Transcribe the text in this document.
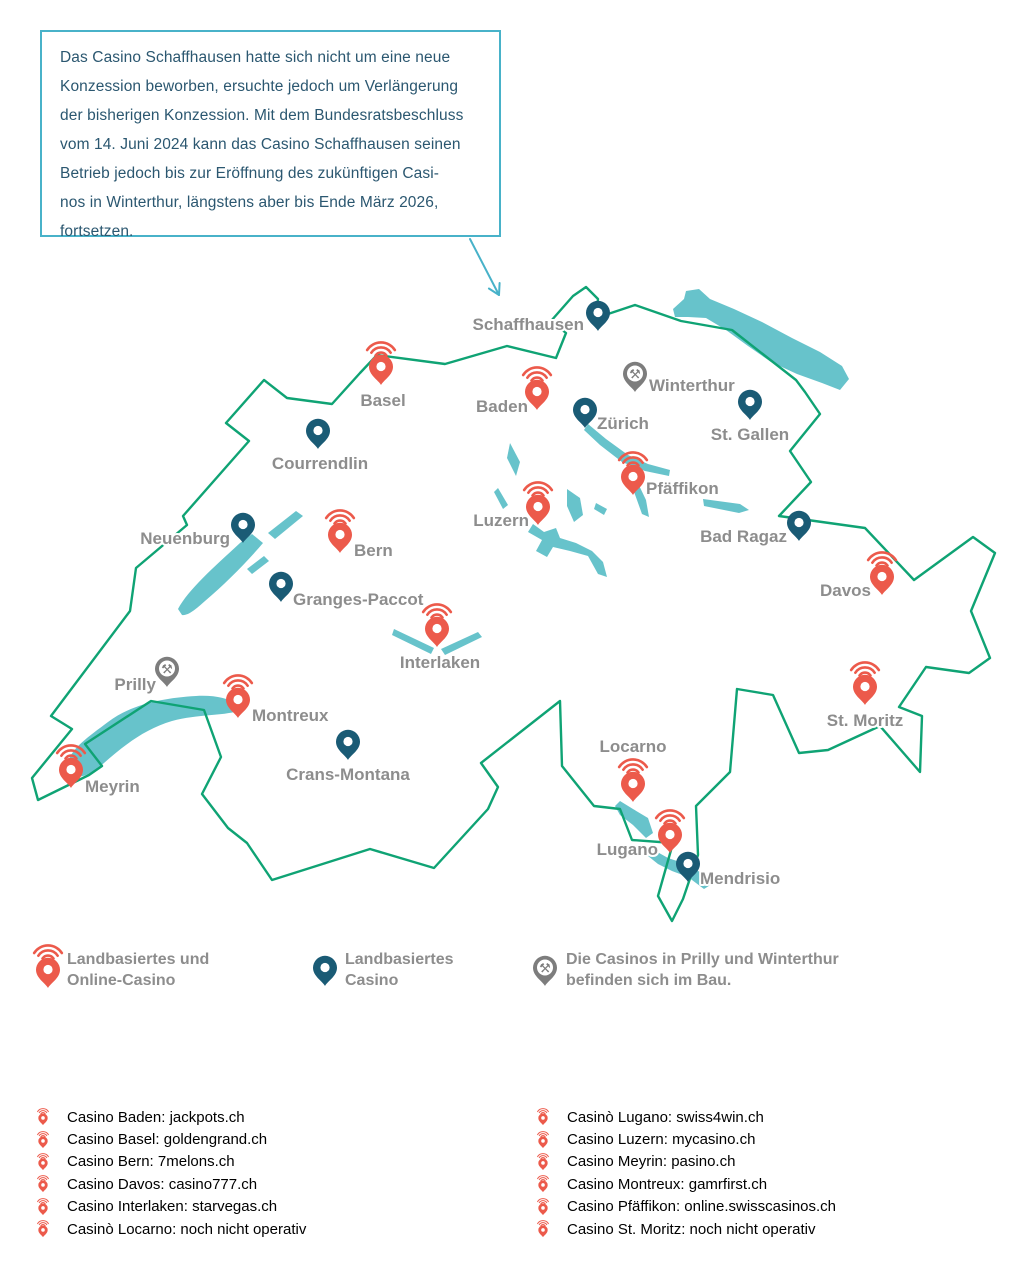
Das Casino Schaffhausen hatte sich nicht um eine neue
Konzession beworben, ersuchte jedoch um Verlängerung
der bisherigen Konzession. Mit dem Bundesratsbeschluss
vom 14. Juni 2024 kann das Casino Schaffhausen seinen
Betrieb jedoch bis zur Eröffnung des zukünftigen Casi-
nos in Winterthur, längstens aber bis Ende März 2026,
fortsetzen.
Schaffhausen
Winterthur
Basel	Baden
Zürich
St. Gallen
Courrendlin
Pfäffikon
Luzern
Bad Ragaz
Neuenburg
Bern
Davos
Granges-Paccot
Interlaken
St. Moritz
Prilly
Montreux
Crans-Montana
Meyrin
Locarno
Lugano
Mendrisio
Landbasiertes und
Online-Casino
Landbasiertes
Casino
Die Casinos in Prilly und Winterthur
befinden sich im Bau.
Casino Baden: jackpots.ch
Casino Basel: goldengrand.ch
Casino Bern: 7melons.ch
Casino Davos: casino777.ch
Casino Interlaken: starvegas.ch
Casinò Locarno: noch nicht operativ
Casinò Lugano: swiss4win.ch
Casino Luzern: mycasino.ch
Casino Meyrin: pasino.ch
Casino Montreux: gamrfirst.ch
Casino Pfäffikon: online.swisscasinos.ch
Casino St. Moritz: noch nicht operativ
